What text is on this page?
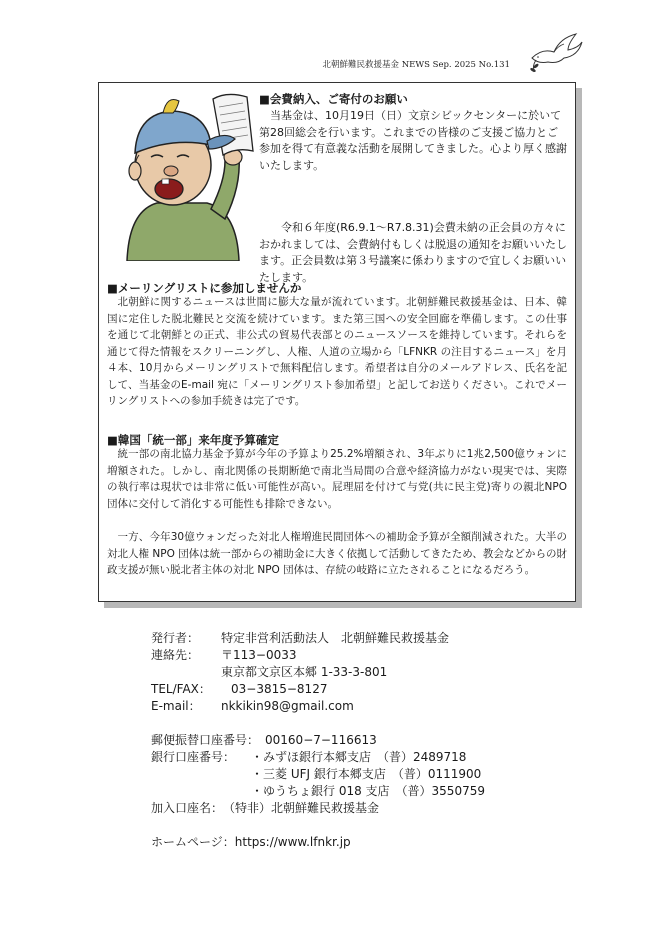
北朝鮮難民救援基金 NEWS Sep. 2025 No.131

■会費納入、ご寄付のお願い

当基金は、10月19日（日）文京シビックセンターに於いて第28回総会を行います。これまでの皆様のご支援ご協力とご参加を得て有意義な活動を展開してきました。心より厚く感謝いたします。

令和６年度(R6.9.1～R7.8.31)会費未納の正会員の方々におかれましては、会費納付もしくは脱退の通知をお願いいたします。正会員数は第３号議案に係わりますので宜しくお願いいたします。

■メーリングリストに参加しませんか

北朝鮮に関するニュースは世間に膨大な量が流れています。北朝鮮難民救援基金は、日本、韓国に定住した脱北難民と交流を続けています。また第三国への安全回廊を準備します。この仕事を通じて北朝鮮との正式、非公式の貿易代表部とのニュースソースを維持しています。それらを通じて得た情報をスクリーニングし、人権、人道の立場から「LFNKR の注目するニュース」を月４本、10月からメーリングリストで無料配信します。希望者は自分のメールアドレス、氏名を記して、当基金のE-mail 宛に「メーリングリスト参加希望」と記してお送りください。これでメーリングリストへの参加手続きは完了です。

■韓国「統一部」来年度予算確定

統一部の南北協力基金予算が今年の予算より25.2%増額され、3年ぶりに1兆2,500億ウォンに増額された。しかし、南北関係の長期断絶で南北当局間の合意や経済協力がない現実では、実際の執行率は現状では非常に低い可能性が高い。屁理屈を付けて与党(共に民主党)寄りの親北NPO団体に交付して消化する可能性も排除できない。

一方、今年30億ウォンだった対北人権増進民間団体への補助金予算が全額削減された。大半の対北人権 NPO 団体は統一部からの補助金に大きく依拠して活動してきたため、教会などからの財政支援が無い脱北者主体の対北 NPO 団体は、存続の岐路に立たされることになるだろう。

発行者：	特定非営利活動法人　北朝鮮難民救援基金
連絡先：	〒113−0033
東京都文京区本郷 1-33-3-801
TEL/FAX：	03−3815−8127
E-mail：	nkkikin98@gmail.com
郵便振替口座番号： 00160−7−116613
銀行口座番号：	・みずほ銀行本郷支店　（普）2489718
・三菱 UFJ 銀行本郷支店　（普）0111900
・ゆうちょ銀行 018 支店　（普）3550759
加入口座名： （特非）北朝鮮難民救援基金
ホームページ： https://www.lfnkr.jp
